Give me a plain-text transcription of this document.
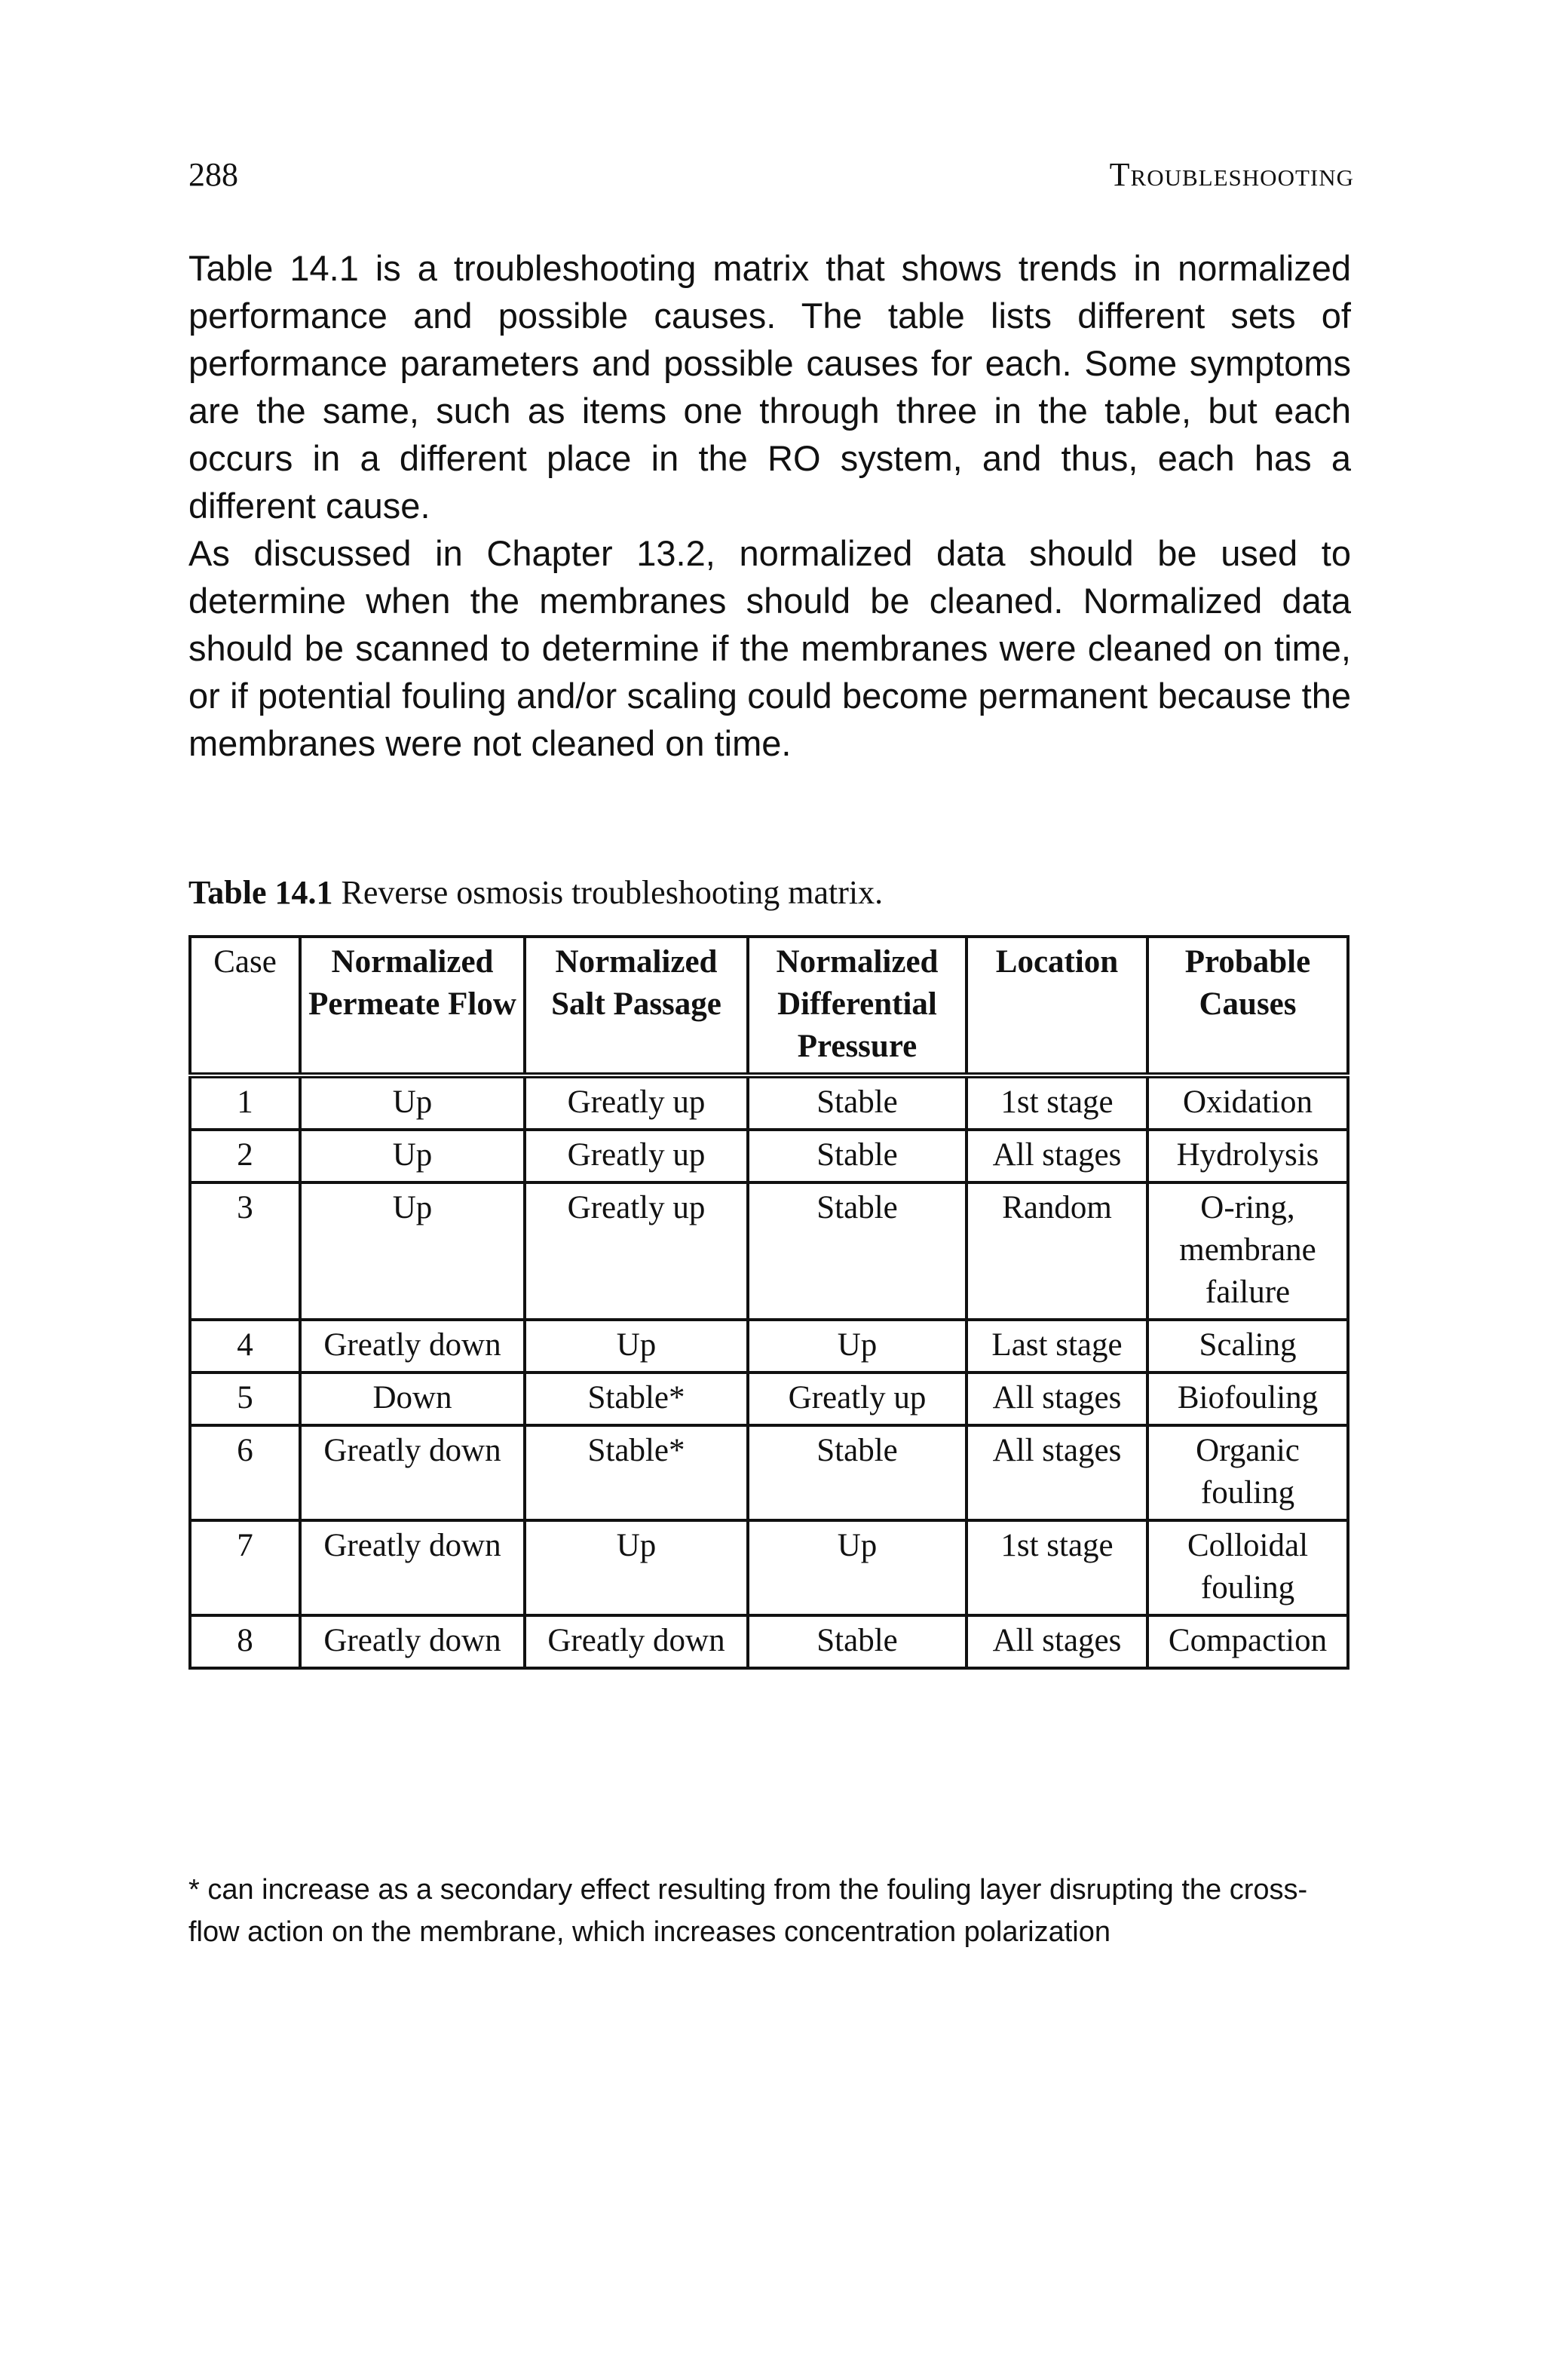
288	Troubleshooting

Table 14.1 is a troubleshooting matrix that shows trends in normalized performance and possible causes. The table lists different sets of performance parameters and possible causes for each. Some symptoms are the same, such as items one through three in the table, but each occurs in a different place in the RO system, and thus, each has a different cause.

As discussed in Chapter 13.2, normalized data should be used to determine when the membranes should be cleaned. Normalized data should be scanned to determine if the membranes were cleaned on time, or if potential fouling and/or scaling could become permanent because the membranes were not cleaned on time.

Table 14.1 Reverse osmosis troubleshooting matrix.
Case	Normalized Permeate Flow	Normalized Salt Passage	Normalized Differential Pressure	Location	Probable Causes
1	Up	Greatly up	Stable	1st stage	Oxidation
2	Up	Greatly up	Stable	All stages	Hydrolysis
3	Up	Greatly up	Stable	Random	O-ring, membrane failure
4	Greatly down	Up	Up	Last stage	Scaling
5	Down	Stable*	Greatly up	All stages	Biofouling
6	Greatly down	Stable*	Stable	All stages	Organic fouling
7	Greatly down	Up	Up	1st stage	Colloidal fouling
8	Greatly down	Greatly down	Stable	All stages	Compaction
* can increase as a secondary effect resulting from the fouling layer disrupting the cross-flow action on the membrane, which increases concentration polarization
